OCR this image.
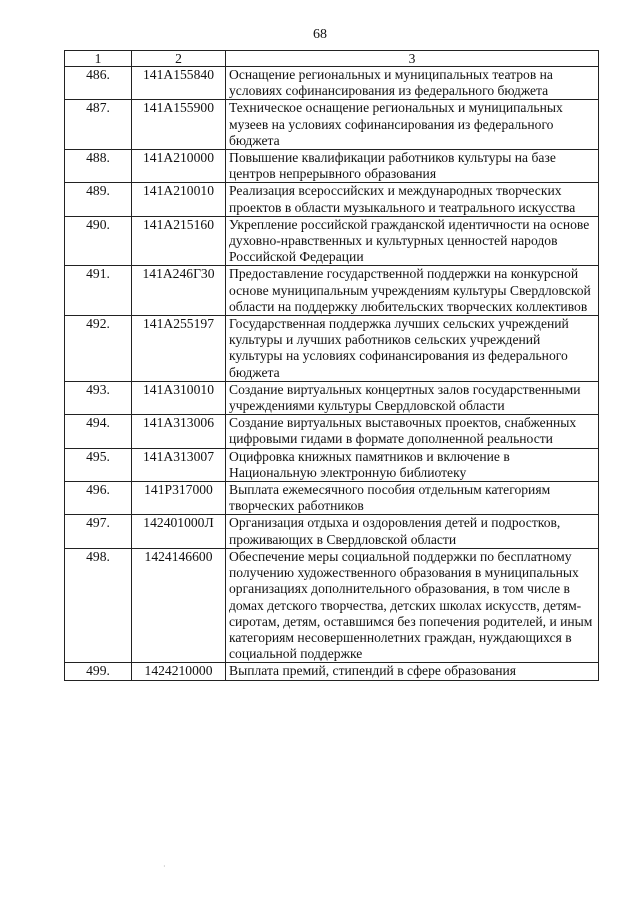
68
1	2	3
486.	141А155840	Оснащение региональных и муниципальных театров на условиях софинансирования из федерального бюджета
487.	141А155900	Техническое оснащение региональных и муниципальных музеев на условиях софинансирования из федерального бюджета
488.	141А210000	Повышение квалификации работников культуры на базе центров непрерывного образования
489.	141А210010	Реализация всероссийских и международных творческих проектов в области музыкального и театрального искусства
490.	141А215160	Укрепление российской гражданской идентичности на основе духовно-нравственных и культурных ценностей народов Российской Федерации
491.	141А246Г30	Предоставление государственной поддержки на конкурсной основе муниципальным учреждениям культуры Свердловской области на поддержку любительских творческих коллективов
492.	141А255197	Государственная поддержка лучших сельских учреждений культуры и лучших работников сельских учреждений культуры на условиях софинансирования из федерального бюджета
493.	141А310010	Создание виртуальных концертных залов государственными учреждениями культуры Свердловской области
494.	141А313006	Создание виртуальных выставочных проектов, снабженных цифровыми гидами в формате дополненной реальности
495.	141А313007	Оцифровка книжных памятников и включение в Национальную электронную библиотеку
496.	141Р317000	Выплата ежемесячного пособия отдельным категориям творческих работников
497.	142401000Л	Организация отдыха и оздоровления детей и подростков, проживающих в Свердловской области
498.	1424146600	Обеспечение меры социальной поддержки по бесплатному получению художественного образования в муниципальных организациях дополнительного образования, в том числе в домах детского творчества, детских школах искусств, детям-сиротам, детям, оставшимся без попечения родителей, и иным категориям несовершеннолетних граждан, нуждающихся в социальной поддержке
499.	1424210000	Выплата премий, стипендий в сфере образования
·
